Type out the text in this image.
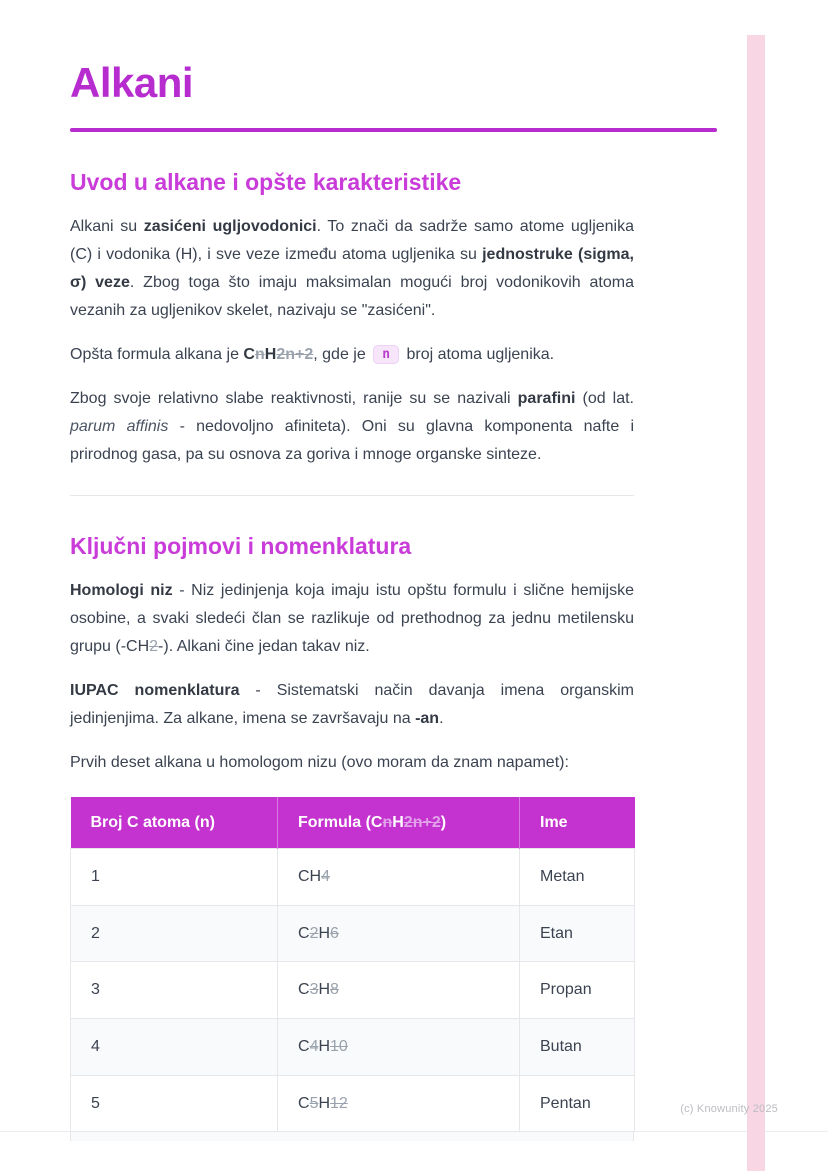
(c) Knowunity 2025
Alkani
Uvod u alkane i opšte karakteristike

Alkani su zasićeni ugljovodonici. To znači da sadrže samo atome ugljenika (C) i vodonika (H), i sve veze između atoma ugljenika su jednostruke (sigma, σ) veze. Zbog toga što imaju maksimalan mogući broj vodonikovih atoma vezanih za ugljenikov skelet, nazivaju se "zasićeni".

Opšta formula alkana je CnH2n+2, gde je n broj atoma ugljenika.

Zbog svoje relativno slabe reaktivnosti, ranije su se nazivali parafini (od lat. parum affinis - nedovoljno afiniteta). Oni su glavna komponenta nafte i prirodnog gasa, pa su osnova za goriva i mnoge organske sinteze.

Ključni pojmovi i nomenklatura

Homologi niz - Niz jedinjenja koja imaju istu opštu formulu i slične hemijske osobine, a svaki sledeći član se razlikuje od prethodnog za jednu metilensku grupu (-CH2-). Alkani čine jedan takav niz.

IUPAC nomenklatura - Sistematski način davanja imena organskim jedinjenjima. Za alkane, imena se završavaju na -an.

Prvih deset alkana u homologom nizu (ovo moram da znam napamet):

Broj C atoma (n)	Formula (CnH2n+2)	Ime
1	CH4	Metan
2	C2H6	Etan
3	C3H8	Propan
4	C4H10	Butan
5	C5H12	Pentan
